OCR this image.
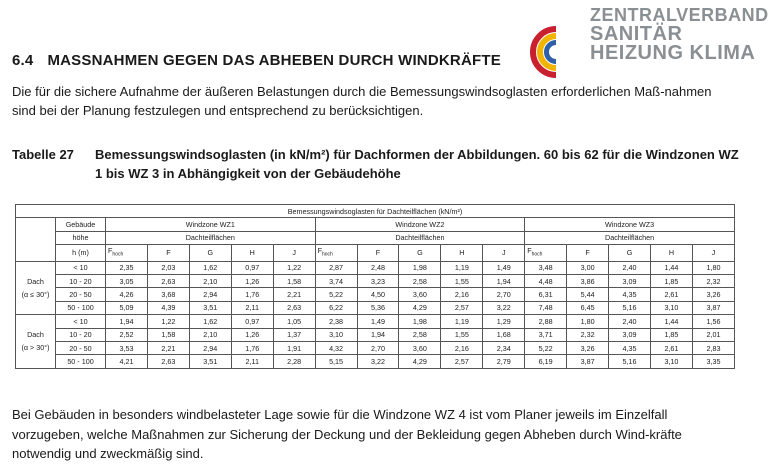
ZENTRALVERBAND
SANITÄR
HEIZUNG KLIMA
6.4 MASSNAHMEN GEGEN DAS ABHEBEN DURCH WINDKRÄFTE
Die für die sichere Aufnahme der äußeren Belastungen durch die Bemessungswindsoglasten erforderlichen Maß-nahmen sind bei der Planung festzulegen und entsprechend zu berücksichtigen.
Tabelle 27 Bemessungswindsoglasten (in kN/m²) für Dachformen der Abbildungen. 60 bis 62 für die Windzonen WZ 1 bis WZ 3 in Abhängigkeit von der Gebäudehöhe
Bemessungswindsoglasten für Dachteilflächen (kN/m²)																
	Gebäude	Windzone WZ1					Windzone WZ2					Windzone WZ3				
	höhe	Dachteilflächen					Dachteilflächen					Dachteilflächen				
	h (m)	$F_{hoch}$	F	G	H	J	$F_{hoch}$	F	G	H	J	$F_{hoch}$	F	G	H	J

Dach
(α ≤ 30°)	< 10	2,35	2,03	1,62	0,97	1,22	2,87	2,48	1,98	1,19	1,49	3,48	3,00	2,40	1,44	1,80
	10 - 20	3,05	2,63	2,10	1,26	1,58	3,74	3,23	2,58	1,55	1,94	4,48	3,86	3,09	1,85	2,32
	20 - 50	4,26	3,68	2,94	1,76	2,21	5,22	4,50	3,60	2,16	2,70	6,31	5,44	4,35	2,61	3,26
	50 - 100	5,09	4,39	3,51	2,11	2,63	6,22	5,36	4,29	2,57	3,22	7,48	6,45	5,16	3,10	3,87

Dach
(α > 30°)	< 10	1,94	1,22	1,62	0,97	1,05	2,38	1,49	1,98	1,19	1,29	2,88	1,80	2,40	1,44	1,56
	10 - 20	2,52	1,58	2,10	1,26	1,37	3,10	1,94	2,58	1,55	1,68	3,71	2,32	3,09	1,85	2,01
	20 - 50	3,53	2,21	2,94	1,76	1,91	4,32	2,70	3,60	2,16	2,34	5,22	3,26	4,35	2,61	2,83
	50 - 100	4,21	2,63	3,51	2,11	2,28	5,15	3,22	4,29	2,57	2,79	6,19	3,87	5,16	3,10	3,35
Bei Gebäuden in besonders windbelasteter Lage sowie für die Windzone WZ 4 ist vom Planer jeweils im Einzelfall vorzugeben, welche Maßnahmen zur Sicherung der Deckung und der Bekleidung gegen Abheben durch Wind-kräfte notwendig und zweckmäßig sind.
